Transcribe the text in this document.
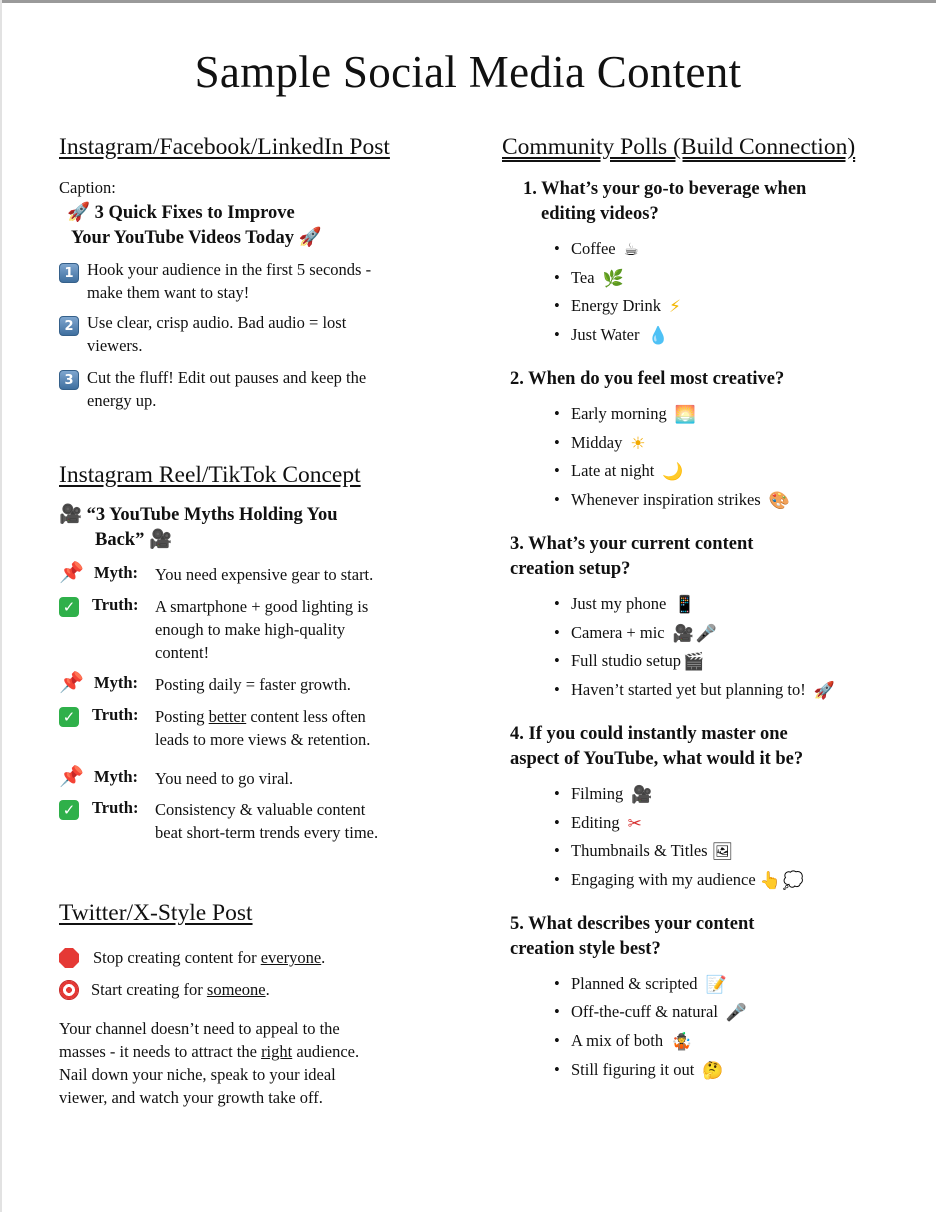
Sample Social Media Content
Instagram/Facebook/LinkedIn Post
Caption:
🚀 3 Quick Fixes to Improve
Your YouTube Videos Today 🚀
1 Hook your audience in the first 5 seconds -
make them want to stay!
2 Use clear, crisp audio. Bad audio = lost
viewers.
3 Cut the fluff! Edit out pauses and keep the
energy up.
Instagram Reel/TikTok Concept
🎥 “3 YouTube Myths Holding You
Back” 🎥
📌 Myth: You need expensive gear to start.
✓ Truth: A smartphone + good lighting is
enough to make high-quality
content!
📌 Myth: Posting daily = faster growth.
✓ Truth: Posting better content less often
leads to more views & retention.
📌 Myth: You need to go viral.
✓ Truth: Consistency & valuable content
beat short-term trends every time.
Twitter/X-Style Post
Stop creating content for everyone.
Start creating for someone.
Your channel doesn’t need to appeal to the
masses - it needs to attract the right audience.
Nail down your niche, speak to your ideal
viewer, and watch your growth take off.
Community Polls (Build Connection)
1. What’s your go-to beverage when
editing videos?
• Coffee ☕
• Tea 🌿
• Energy Drink ⚡
• Just Water 💧
2. When do you feel most creative?
• Early morning 🌅
• Midday ☀
• Late at night 🌙
• Whenever inspiration strikes 🎨
3. What’s your current content
creation setup?
• Just my phone 📱
• Camera + mic 🎥 🎤
• Full studio setup 🎬
• Haven’t started yet but planning to! 🚀
4. If you could instantly master one
aspect of YouTube, what would it be?
• Filming 🎥
• Editing ✂
• Thumbnails & Titles 🖼
• Engaging with my audience 👆 💭
5. What describes your content
creation style best?
• Planned & scripted 📝
• Off-the-cuff & natural 🎤
• A mix of both 🤹
• Still figuring it out 🤔
